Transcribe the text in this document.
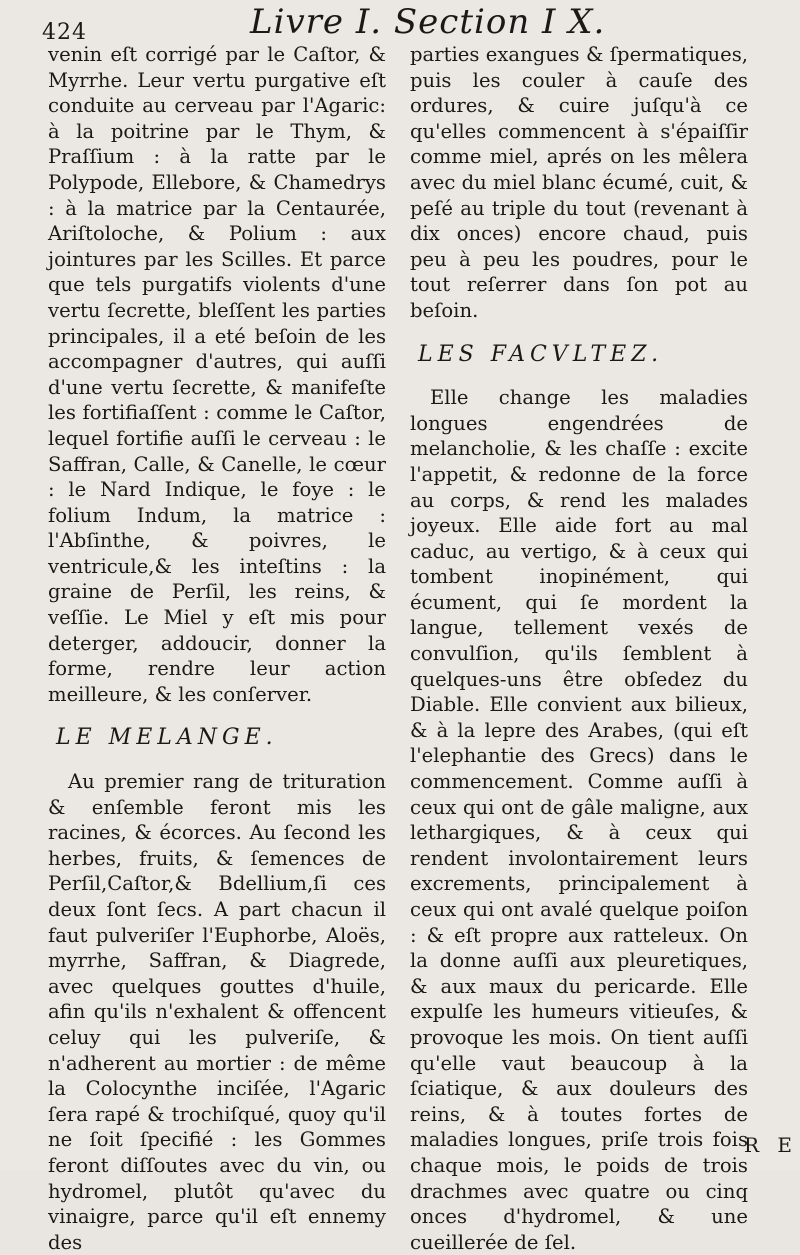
424	Livre I. Section I X.

venin eſt corrigé par le Caſtor, & Myrrhe. Leur vertu purgative eſt conduite au cerveau par l'Agaric: à la poitrine par le Thym, & Praſſium : à la ratte par le Polypode, Ellebore, & Chamedrys : à la matrice par la Centaurée, Ariſtoloche, & Polium : aux jointures par les Scilles. Et parce que tels purgatifs violents d'une vertu ſecrette, bleſſent les parties principales, il a eté beſoin de les accompagner d'autres, qui auſſi d'une vertu ſecrette, & manifeſte les fortifiaſſent : comme le Caſtor, lequel fortifie auſſi le cerveau : le Saffran, Calle, & Canelle, le cœur : le Nard Indique, le foye : le folium Indum, la matrice : l'Abſinthe, & poivres, le ventricule,& les inteſtins : la graine de Perſil, les reins, & veſſie. Le Miel y eſt mis pour deterger, addoucir, donner la forme, rendre leur action meilleure, & les conſerver.

LE MELANGE.

Au premier rang de trituration & enſemble feront mis les racines, & écorces. Au ſecond les herbes, fruits, & ſemences de Perſil,Caſtor,& Bdellium,ſi ces deux ſont ſecs. A part chacun il faut pulveriſer l'Euphorbe, Aloës, myrrhe, Saffran, & Diagrede, avec quelques gouttes d'huile, afin qu'ils n'exhalent & offencent celuy qui les pulveriſe, & n'adherent au mortier : de même la Colocynthe inciſée, l'Agaric ſera rapé & trochiſqué, quoy qu'il ne ſoit ſpecifié : les Gommes feront diſſoutes avec du vin, ou hydromel, plutôt qu'avec du vinaigre, parce qu'il eſt ennemy des

parties exangues & ſpermatiques, puis les couler à cauſe des ordures, & cuire juſqu'à ce qu'elles commencent à s'épaiſſir comme miel, aprés on les mêlera avec du miel blanc écumé, cuit, & peſé au triple du tout (revenant à dix onces) encore chaud, puis peu à peu les poudres, pour le tout reſerrer dans ſon pot au beſoin.

LES FACVLTEZ.

Elle change les maladies longues engendrées de melancholie, & les chaſſe : excite l'appetit, & redonne de la force au corps, & rend les malades joyeux. Elle aide fort au mal caduc, au vertigo, & à ceux qui tombent inopinément, qui écument, qui ſe mordent la langue, tellement vexés de convulſion, qu'ils ſemblent à quelques-uns être obſedez du Diable. Elle convient aux bilieux, & à la lepre des Arabes, (qui eſt l'elephantie des Grecs) dans le commencement. Comme auſſi à ceux qui ont de gâle maligne, aux lethargiques, & à ceux qui rendent involontairement leurs excrements, principalement à ceux qui ont avalé quelque poiſon : & eſt propre aux ratteleux. On la donne auſſi aux pleuretiques, & aux maux du pericarde. Elle expulſe les humeurs vitieuſes, & provoque les mois. On tient auſſi qu'elle vaut beaucoup à la ſciatique, & aux douleurs des reins, & à toutes fortes de maladies longues, priſe trois fois chaque mois, le poids de trois drachmes avec quatre ou cinq onces d'hydromel, & une cueillerée de ſel.

R E
